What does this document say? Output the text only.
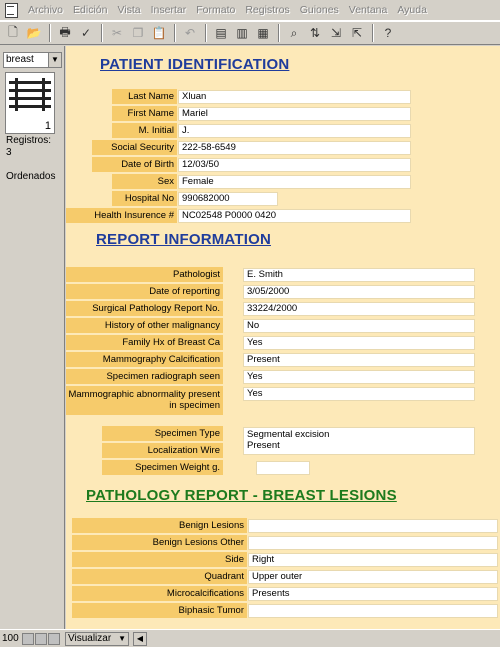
Archivo Edición Vista Insertar Formato Registros Guiones Ventana Ayuda
🗋 📂	🖶 ✓	✂ ❐ 📋	↶	▤ ▥ ▦	⌕	⇅ ⇲ ⇱	?
breast	▼
1
Registros:
3
Ordenados
PATIENT IDENTIFICATION
Last Name Xluan
First Name Mariel
M. Initial J.
Social Security 222-58-6549
Date of Birth 12/03/50
Sex Female
Hospital No 990682000
Health Insurence # NC02548 P0000 0420
REPORT INFORMATION
Pathologist	E. Smith
Date of reporting	3/05/2000
Surgical Pathology Report No.	33224/2000
History of other malignancy	No
Family Hx of Breast Ca	Yes
Mammography Calcification	Present
Specimen radiograph seen	Yes
Mammographic abnormality present in specimen
Yes
Specimen Type	Segmental excision
Present
Localization Wire
Specimen Weight g.
PATHOLOGY REPORT - BREAST LESIONS
Benign Lesions
Benign Lesions Other
Side Right
Quadrant Upper outer
Microcalcifications Presents
Biphasic Tumor
100	Visualizar ▼	◀
